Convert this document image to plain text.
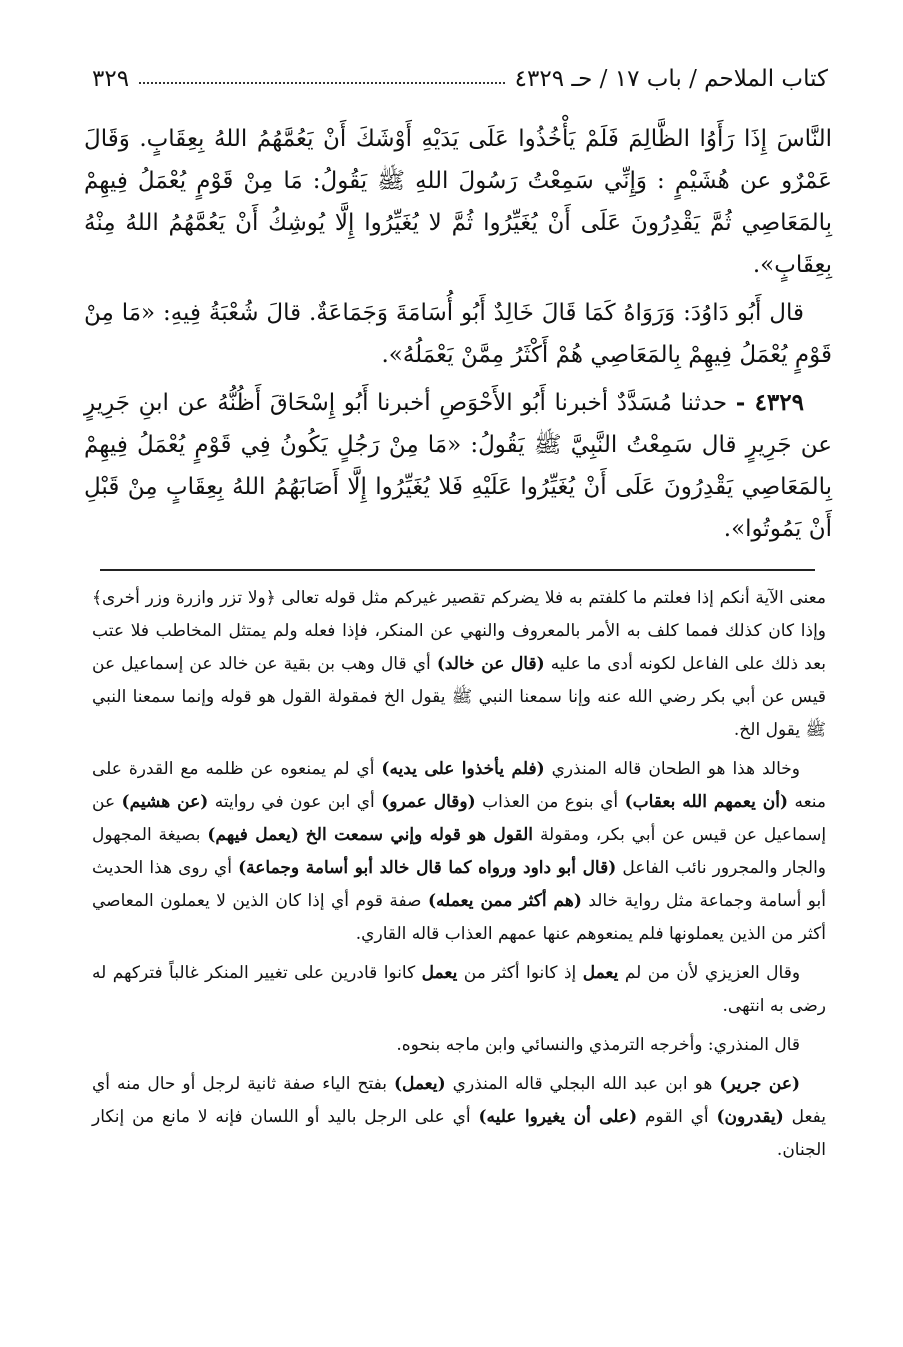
كتاب الملاحم / باب ١٧ / حـ ٤٣٢٩
٣٢٩

النَّاسَ إِذَا رَأَوُا الظَّالِمَ فَلَمْ يَأْخُذُوا عَلَى يَدَيْهِ أَوْشَكَ أَنْ يَعُمَّهُمُ اللهُ بِعِقَابٍ. وَقَالَ عَمْرٌو عن هُشَيْمٍ : وَإِنِّي سَمِعْتُ رَسُولَ اللهِ ﷺ يَقُولُ: مَا مِنْ قَوْمٍ يُعْمَلُ فِيهِمْ بِالمَعَاصِي ثُمَّ يَقْدِرُونَ عَلَى أَنْ يُغَيِّرُوا ثُمَّ لا يُغَيِّرُوا إِلَّا يُوشِكُ أَنْ يَعُمَّهُمُ اللهُ مِنْهُ بِعِقَابٍ».

قال أَبُو دَاوُدَ: وَرَوَاهُ كَمَا قَالَ خَالِدٌ أَبُو أُسَامَةَ وَجَمَاعَةٌ. قالَ شُعْبَةُ فِيهِ: «مَا مِنْ قَوْمٍ يُعْمَلُ فِيهِمْ بِالمَعَاصِي هُمْ أَكْثَرُ مِمَّنْ يَعْمَلُهُ».

٤٣٢٩ - حدثنا مُسَدَّدٌ أخبرنا أَبُو الأَحْوَصِ أخبرنا أَبُو إِسْحَاقَ أَظُنُّهُ عن ابنِ جَرِيرٍ عن جَرِيرٍ قال سَمِعْتُ النَّبِيَّ ﷺ يَقُولُ: «مَا مِنْ رَجُلٍ يَكُونُ فِي قَوْمٍ يُعْمَلُ فِيهِمْ بِالمَعَاصِي يَقْدِرُونَ عَلَى أَنْ يُغَيِّرُوا عَلَيْهِ فَلا يُغَيِّرُوا إِلَّا أَصَابَهُمُ اللهُ بِعِقَابٍ مِنْ قَبْلِ أَنْ يَمُوتُوا».

معنى الآية أنكم إذا فعلتم ما كلفتم به فلا يضركم تقصير غيركم مثل قوله تعالى ﴿ولا تزر وازرة وزر أخرى﴾ وإذا كان كذلك فمما كلف به الأمر بالمعروف والنهي عن المنكر، فإذا فعله ولم يمتثل المخاطب فلا عتب بعد ذلك على الفاعل لكونه أدى ما عليه (قال عن خالد) أي قال وهب بن بقية عن خالد عن إسماعيل عن قيس عن أبي بكر رضي الله عنه وإنا سمعنا النبي ﷺ يقول الخ فمقولة القول هو قوله وإنما سمعنا النبي ﷺ يقول الخ.

وخالد هذا هو الطحان قاله المنذري (فلم يأخذوا على يديه) أي لم يمنعوه عن ظلمه مع القدرة على منعه (أن يعمهم الله بعقاب) أي بنوع من العذاب (وقال عمرو) أي ابن عون في روايته (عن هشيم) عن إسماعيل عن قيس عن أبي بكر، ومقولة القول هو قوله وإني سمعت الخ (يعمل فيهم) بصيغة المجهول والجار والمجرور نائب الفاعل (قال أبو داود ورواه كما قال خالد أبو أسامة وجماعة) أي روى هذا الحديث أبو أسامة وجماعة مثل رواية خالد (هم أكثر ممن يعمله) صفة قوم أي إذا كان الذين لا يعملون المعاصي أكثر من الذين يعملونها فلم يمنعوهم عنها عمهم العذاب قاله القاري.

وقال العزيزي لأن من لم يعمل إذ كانوا أكثر من يعمل كانوا قادرين على تغيير المنكر غالباً فتركهم له رضى به انتهى.

قال المنذري: وأخرجه الترمذي والنسائي وابن ماجه بنحوه.

(عن جرير) هو ابن عبد الله البجلي قاله المنذري (يعمل) بفتح الياء صفة ثانية لرجل أو حال منه أي يفعل (يقدرون) أي القوم (على أن يغيروا عليه) أي على الرجل باليد أو اللسان فإنه لا مانع من إنكار الجنان.
